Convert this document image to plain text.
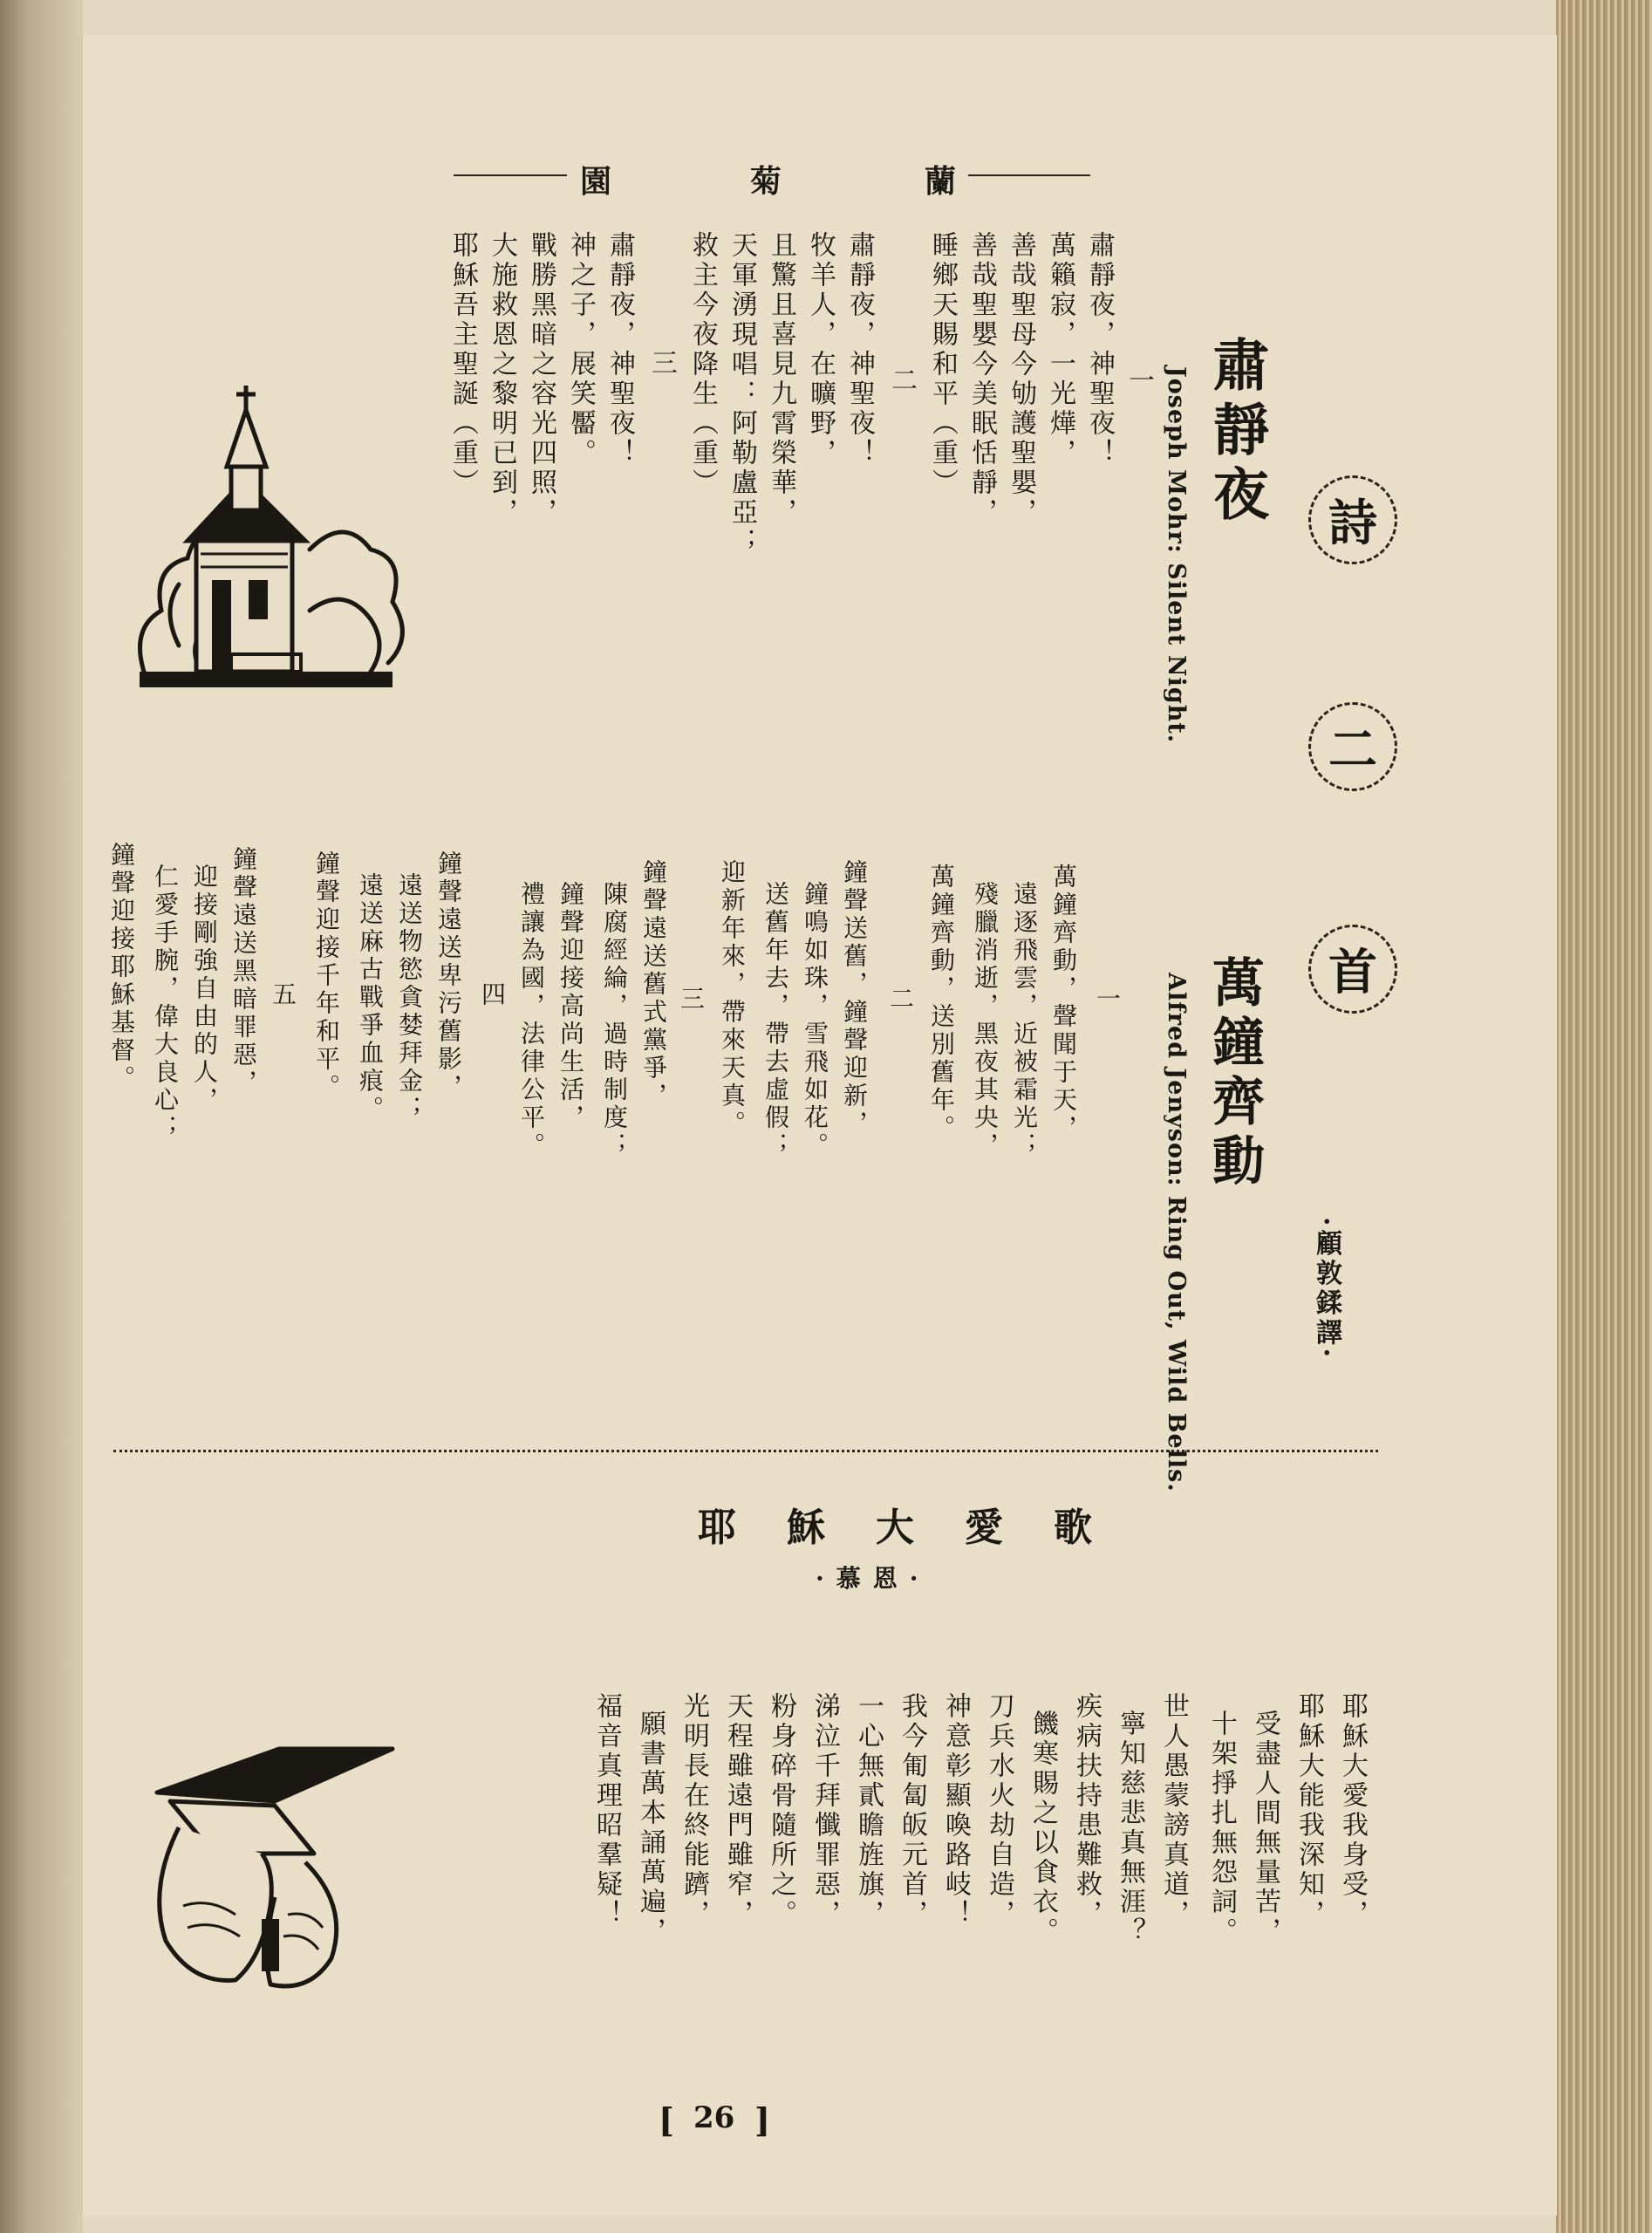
園	菊	蘭
詩
二
首
肅靜夜
Joseph Mohr: Silent Night.
一
肅靜夜，神聖夜！
萬籟寂，一光燁，
善哉聖母今劬護聖嬰，
善哉聖嬰今美眠恬靜，
睡鄉天賜和平（重）
二
肅靜夜，神聖夜！
牧羊人，在曠野，
且驚且喜見九霄榮華，
天軍湧現唱：阿勒盧亞；
救主今夜降生（重）
三
肅靜夜，神聖夜！
神之子，展笑靨。
戰勝黑暗之容光四照，
大施救恩之黎明已到，
耶穌吾主聖誕（重）
萬鐘齊動
Alfred Jenyson: Ring Out, Wild Bells.	·顧敦鍒譯·
一
萬鐘齊動，聲聞于天，
遠逐飛雲，近被霜光；
殘臘消逝，黑夜其央，
萬鐘齊動，送別舊年。
二
鐘聲送舊，鐘聲迎新，
鐘鳴如珠，雪飛如花。
送舊年去，帶去虛假；
迎新年來，帶來天真。
三
鐘聲遠送舊式黨爭，
陳腐經綸，過時制度；
鐘聲迎接高尚生活，
禮讓為國，法律公平。
四
鐘聲遠送卑污舊影，
遠送物慾貪婪拜金；
遠送麻古戰爭血痕。
鐘聲迎接千年和平。
五
鐘聲遠送黑暗罪惡，
迎接剛強自由的人，
仁愛手腕，偉大良心；
鐘聲迎接耶穌基督。
耶穌大愛歌
·慕恩·
耶穌大愛我身受，
耶穌大能我深知，
受盡人間無量苦，
十架掙扎無怨詞。
世人愚蒙謗真道，
寧知慈悲真無涯？
疾病扶持患難救，
饑寒賜之以食衣。
刀兵水火劫自造，
神意彰顯喚路岐！
我今匍匐皈元首，
一心無貳瞻旌旗，
涕泣千拜懺罪惡，
粉身碎骨隨所之。
天程雖遠門雖窄，
光明長在終能躋，
願書萬本誦萬遍，
福音真理昭羣疑！
[ 26 ]
